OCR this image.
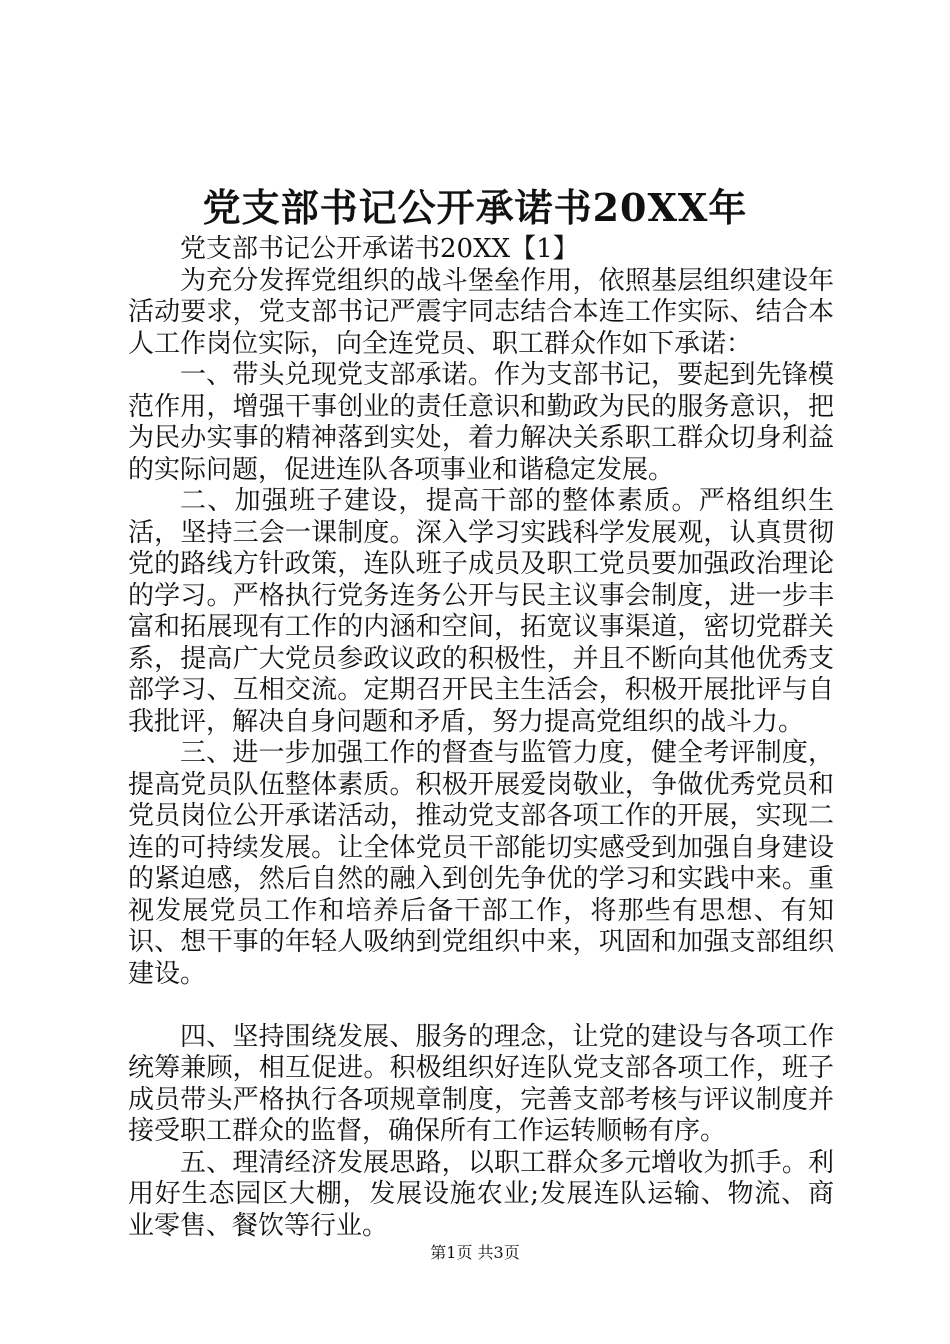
党支部书记公开承诺书20XX年

党支部书记公开承诺书20XX【1】

为充分发挥党组织的战斗堡垒作用，依照基层组织建设年活动要求，党支部书记严震宇同志结合本连工作实际、结合本人工作岗位实际，向全连党员、职工群众作如下承诺：

一、带头兑现党支部承诺。作为支部书记，要起到先锋模范作用，增强干事创业的责任意识和勤政为民的服务意识，把为民办实事的精神落到实处，着力解决关系职工群众切身利益的实际问题，促进连队各项事业和谐稳定发展。

二、加强班子建设，提高干部的整体素质。严格组织生活，坚持三会一课制度。深入学习实践科学发展观，认真贯彻党的路线方针政策，连队班子成员及职工党员要加强政治理论的学习。严格执行党务连务公开与民主议事会制度，进一步丰富和拓展现有工作的内涵和空间，拓宽议事渠道，密切党群关系，提高广大党员参政议政的积极性，并且不断向其他优秀支部学习、互相交流。定期召开民主生活会，积极开展批评与自我批评，解决自身问题和矛盾，努力提高党组织的战斗力。

三、进一步加强工作的督查与监管力度，健全考评制度，提高党员队伍整体素质。积极开展爱岗敬业，争做优秀党员和党员岗位公开承诺活动，推动党支部各项工作的开展，实现二连的可持续发展。让全体党员干部能切实感受到加强自身建设的紧迫感，然后自然的融入到创先争优的学习和实践中来。重视发展党员工作和培养后备干部工作，将那些有思想、有知识、想干事的年轻人吸纳到党组织中来，巩固和加强支部组织建设。

四、坚持围绕发展、服务的理念，让党的建设与各项工作统筹兼顾，相互促进。积极组织好连队党支部各项工作，班子成员带头严格执行各项规章制度，完善支部考核与评议制度并接受职工群众的监督，确保所有工作运转顺畅有序。

五、理清经济发展思路，以职工群众多元增收为抓手。利用好生态园区大棚，发展设施农业;发展连队运输、物流、商业零售、餐饮等行业。

第1页 共3页
